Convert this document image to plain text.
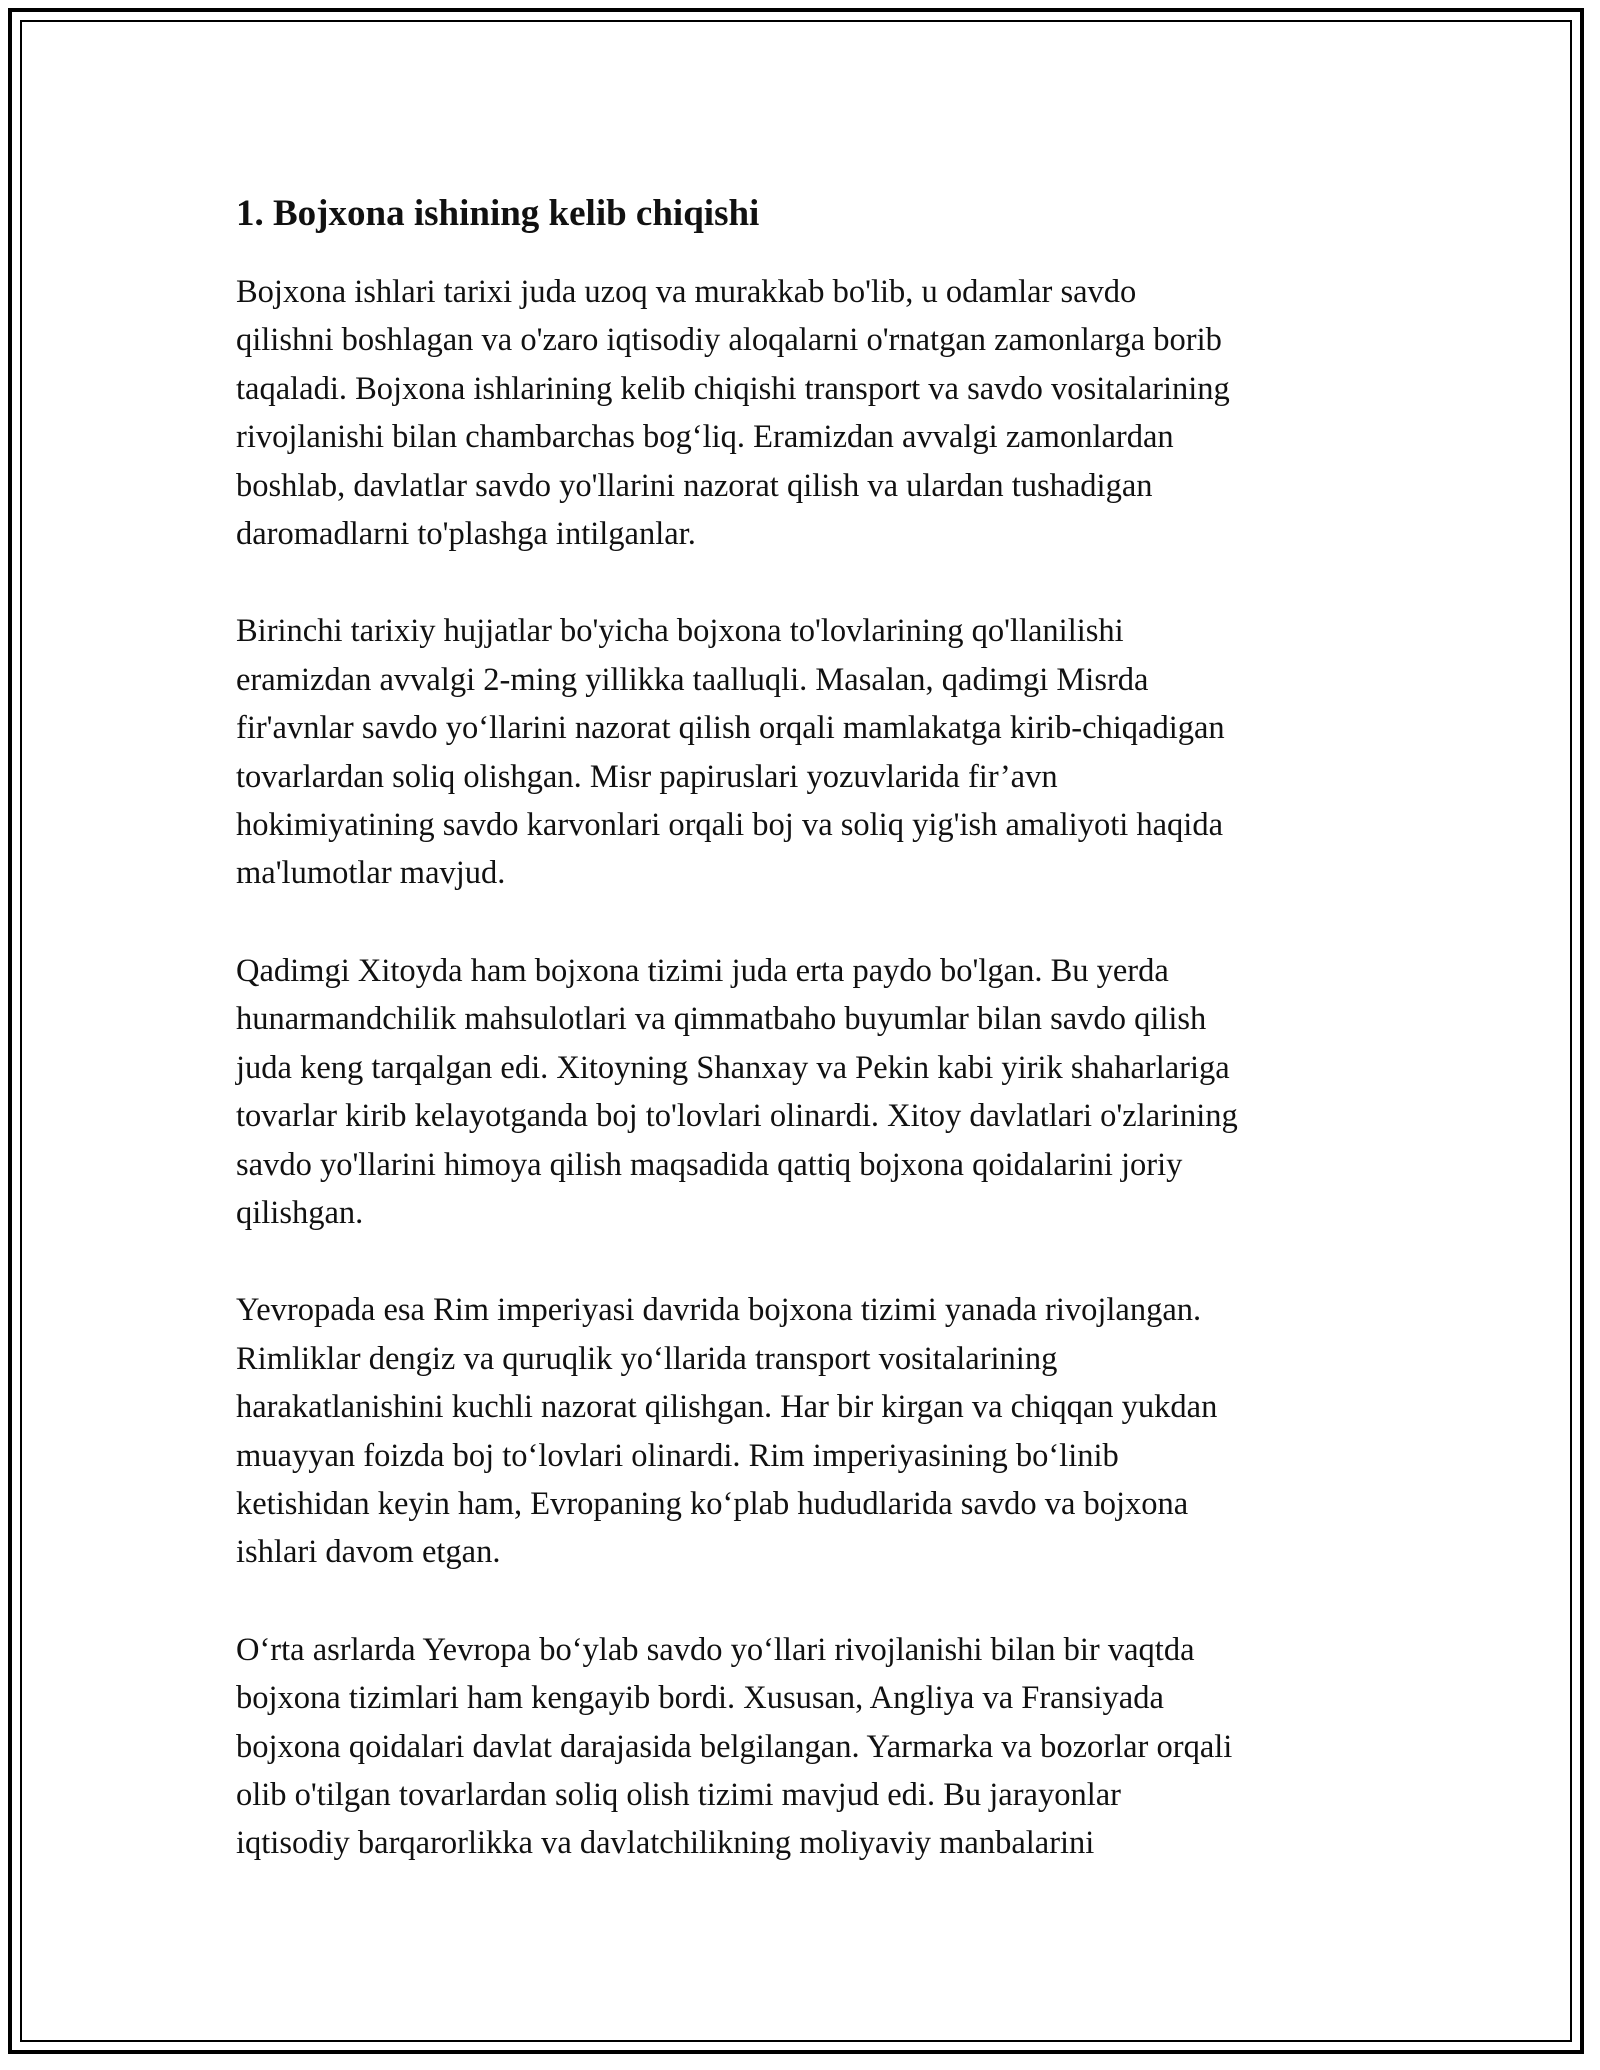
1. Bojxona ishining kelib chiqishi

Bojxona ishlari tarixi juda uzoq va murakkab bo'lib, u odamlar savdo
qilishni boshlagan va o'zaro iqtisodiy aloqalarni o'rnatgan zamonlarga borib
taqaladi. Bojxona ishlarining kelib chiqishi transport va savdo vositalarining
rivojlanishi bilan chambarchas bog‘liq. Eramizdan avvalgi zamonlardan
boshlab, davlatlar savdo yo'llarini nazorat qilish va ulardan tushadigan
daromadlarni to'plashga intilganlar.

Birinchi tarixiy hujjatlar bo'yicha bojxona to'lovlarining qo'llanilishi
eramizdan avvalgi 2-ming yillikka taalluqli. Masalan, qadimgi Misrda
fir'avnlar savdo yo‘llarini nazorat qilish orqali mamlakatga kirib-chiqadigan
tovarlardan soliq olishgan. Misr papiruslari yozuvlarida fir’avn
hokimiyatining savdo karvonlari orqali boj va soliq yig'ish amaliyoti haqida
ma'lumotlar mavjud.

Qadimgi Xitoyda ham bojxona tizimi juda erta paydo bo'lgan. Bu yerda
hunarmandchilik mahsulotlari va qimmatbaho buyumlar bilan savdo qilish
juda keng tarqalgan edi. Xitoyning Shanxay va Pekin kabi yirik shaharlariga
tovarlar kirib kelayotganda boj to'lovlari olinardi. Xitoy davlatlari o'zlarining
savdo yo'llarini himoya qilish maqsadida qattiq bojxona qoidalarini joriy
qilishgan.

Yevropada esa Rim imperiyasi davrida bojxona tizimi yanada rivojlangan.
Rimliklar dengiz va quruqlik yo‘llarida transport vositalarining
harakatlanishini kuchli nazorat qilishgan. Har bir kirgan va chiqqan yukdan
muayyan foizda boj to‘lovlari olinardi. Rim imperiyasining bo‘linib
ketishidan keyin ham, Evropaning ko‘plab hududlarida savdo va bojxona
ishlari davom etgan.

O‘rta asrlarda Yevropa bo‘ylab savdo yo‘llari rivojlanishi bilan bir vaqtda
bojxona tizimlari ham kengayib bordi. Xususan, Angliya va Fransiyada
bojxona qoidalari davlat darajasida belgilangan. Yarmarka va bozorlar orqali
olib o'tilgan tovarlardan soliq olish tizimi mavjud edi. Bu jarayonlar
iqtisodiy barqarorlikka va davlatchilikning moliyaviy manbalarini
